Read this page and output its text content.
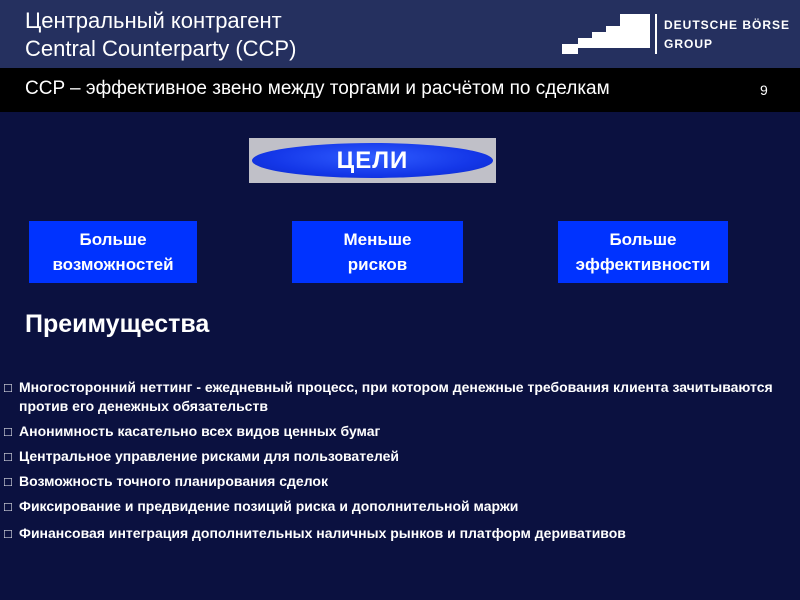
Центральный контрагент
Central Counterparty (CCP)
DEUTSCHE BÖRSE
GROUP
CCP – эффективное звено между торгами и расчётом по сделкам	9
ЦЕЛИ
Больше
возможностей
Меньше
рисков
Больше
эффективности
Преимущества
□ Многосторонний неттинг - ежедневный процесс, при котором денежные требования клиента зачитываются против его денежных обязательств
□ Анонимность касательно всех видов ценных бумаг
□ Центральное управление рисками для пользователей
□ Возможность точного планирования сделок
□ Фиксирование и предвидение позиций риска и дополнительной маржи
□ Финансовая интеграция дополнительных наличных рынков и платформ деривативов
